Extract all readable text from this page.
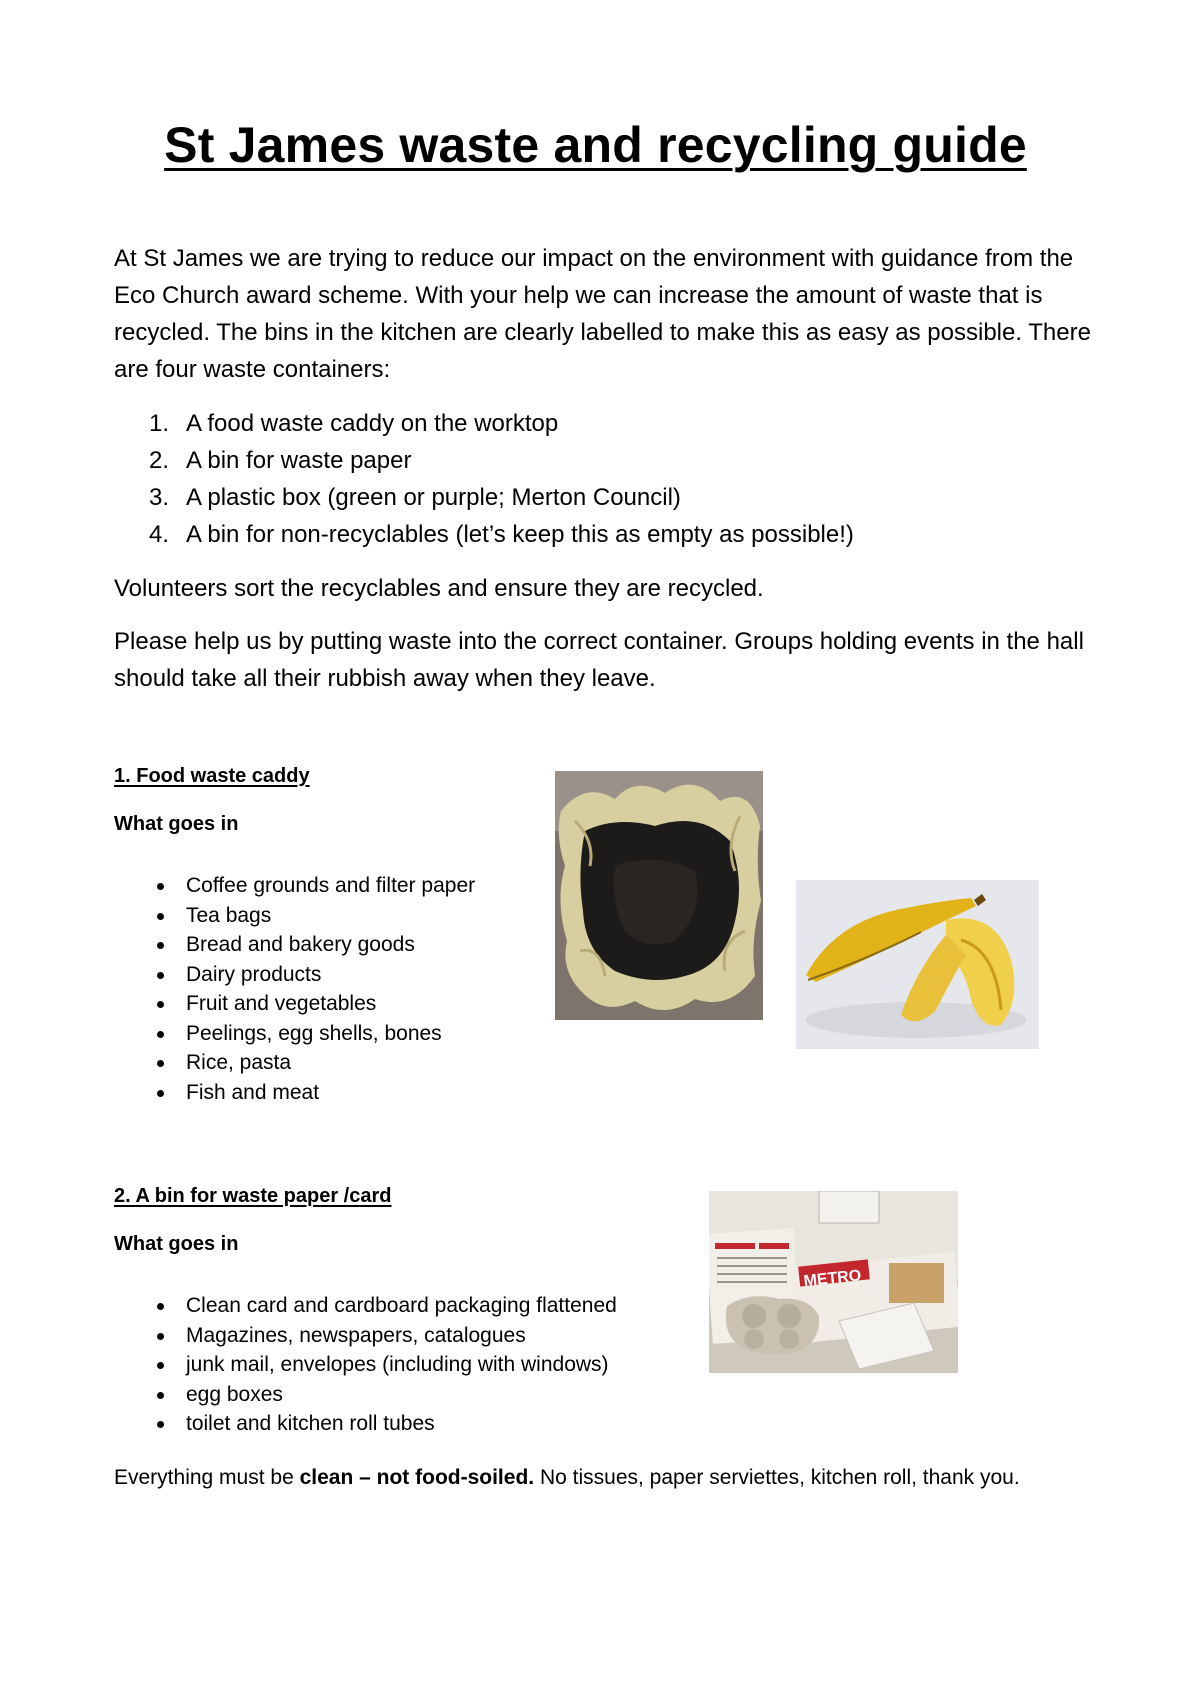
St James waste and recycling guide

At St James we are trying to reduce our impact on the environment with guidance from the Eco Church award scheme. With your help we can increase the amount of waste that is recycled. The bins in the kitchen are clearly labelled to make this as easy as possible. There are four waste containers:

1. A food waste caddy on the worktop
2. A bin for waste paper
3. A plastic box (green or purple; Merton Council)
4. A bin for non-recyclables (let’s keep this as empty as possible!)

Volunteers sort the recyclables and ensure they are recycled.

Please help us by putting waste into the correct container. Groups holding events in the hall should take all their rubbish away when they leave.

1. Food waste caddy
What goes in
Coffee grounds and filter paper
Tea bags
Bread and bakery goods
Dairy products
Fruit and vegetables
Peelings, egg shells, bones
Rice, pasta
Fish and meat
2. A bin for waste paper /card
What goes in
Clean card and cardboard packaging flattened
Magazines, newspapers, catalogues
junk mail, envelopes (including with windows)
egg boxes
toilet and kitchen roll tubes
METRO

Everything must be clean – not food-soiled. No tissues, paper serviettes, kitchen roll, thank you.
